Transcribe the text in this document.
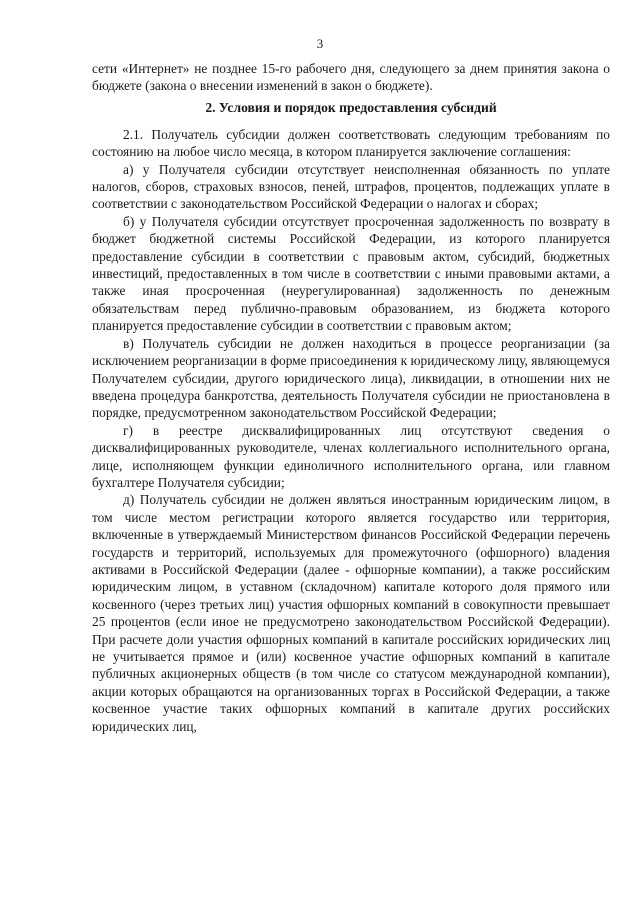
3

сети «Интернет» не позднее 15-го рабочего дня, следующего за днем принятия закона о бюджете (закона о внесении изменений в закон о бюджете).

2. Условия и порядок предоставления субсидий

2.1. Получатель субсидии должен соответствовать следующим требованиям по состоянию на любое число месяца, в котором планируется заключение соглашения:

а) у Получателя субсидии отсутствует неисполненная обязанность по уплате налогов, сборов, страховых взносов, пеней, штрафов, процентов, подлежащих уплате в соответствии с законодательством Российской Федерации о налогах и сборах;

б) у Получателя субсидии отсутствует просроченная задолженность по возврату в бюджет бюджетной системы Российской Федерации, из которого планируется предоставление субсидии в соответствии с правовым актом, субсидий, бюджетных инвестиций, предоставленных в том числе в соответствии с иными правовыми актами, а также иная просроченная (неурегулированная) задолженность по денежным обязательствам перед публично-правовым образованием, из бюджета которого планируется предоставление субсидии в соответствии с правовым актом;

в) Получатель субсидии не должен находиться в процессе реорганизации (за исключением реорганизации в форме присоединения к юридическому лицу, являющемуся Получателем субсидии, другого юридического лица), ликвидации, в отношении них не введена процедура банкротства, деятельность Получателя субсидии не приостановлена в порядке, предусмотренном законодательством Российской Федерации;

г) в реестре дисквалифицированных лиц отсутствуют сведения о дисквалифицированных руководителе, членах коллегиального исполнительного органа, лице, исполняющем функции единоличного исполнительного органа, или главном бухгалтере Получателя субсидии;

д) Получатель субсидии не должен являться иностранным юридическим лицом, в том числе местом регистрации которого является государство или территория, включенные в утверждаемый Министерством финансов Российской Федерации перечень государств и территорий, используемых для промежуточного (офшорного) владения активами в Российской Федерации (далее - офшорные компании), а также российским юридическим лицом, в уставном (складочном) капитале которого доля прямого или косвенного (через третьих лиц) участия офшорных компаний в совокупности превышает 25 процентов (если иное не предусмотрено законодательством Российской Федерации). При расчете доли участия офшорных компаний в капитале российских юридических лиц не учитывается прямое и (или) косвенное участие офшорных компаний в капитале публичных акционерных обществ (в том числе со статусом международной компании), акции которых обращаются на организованных торгах в Российской Федерации, а также косвенное участие таких офшорных компаний в капитале других российских юридических лиц,
